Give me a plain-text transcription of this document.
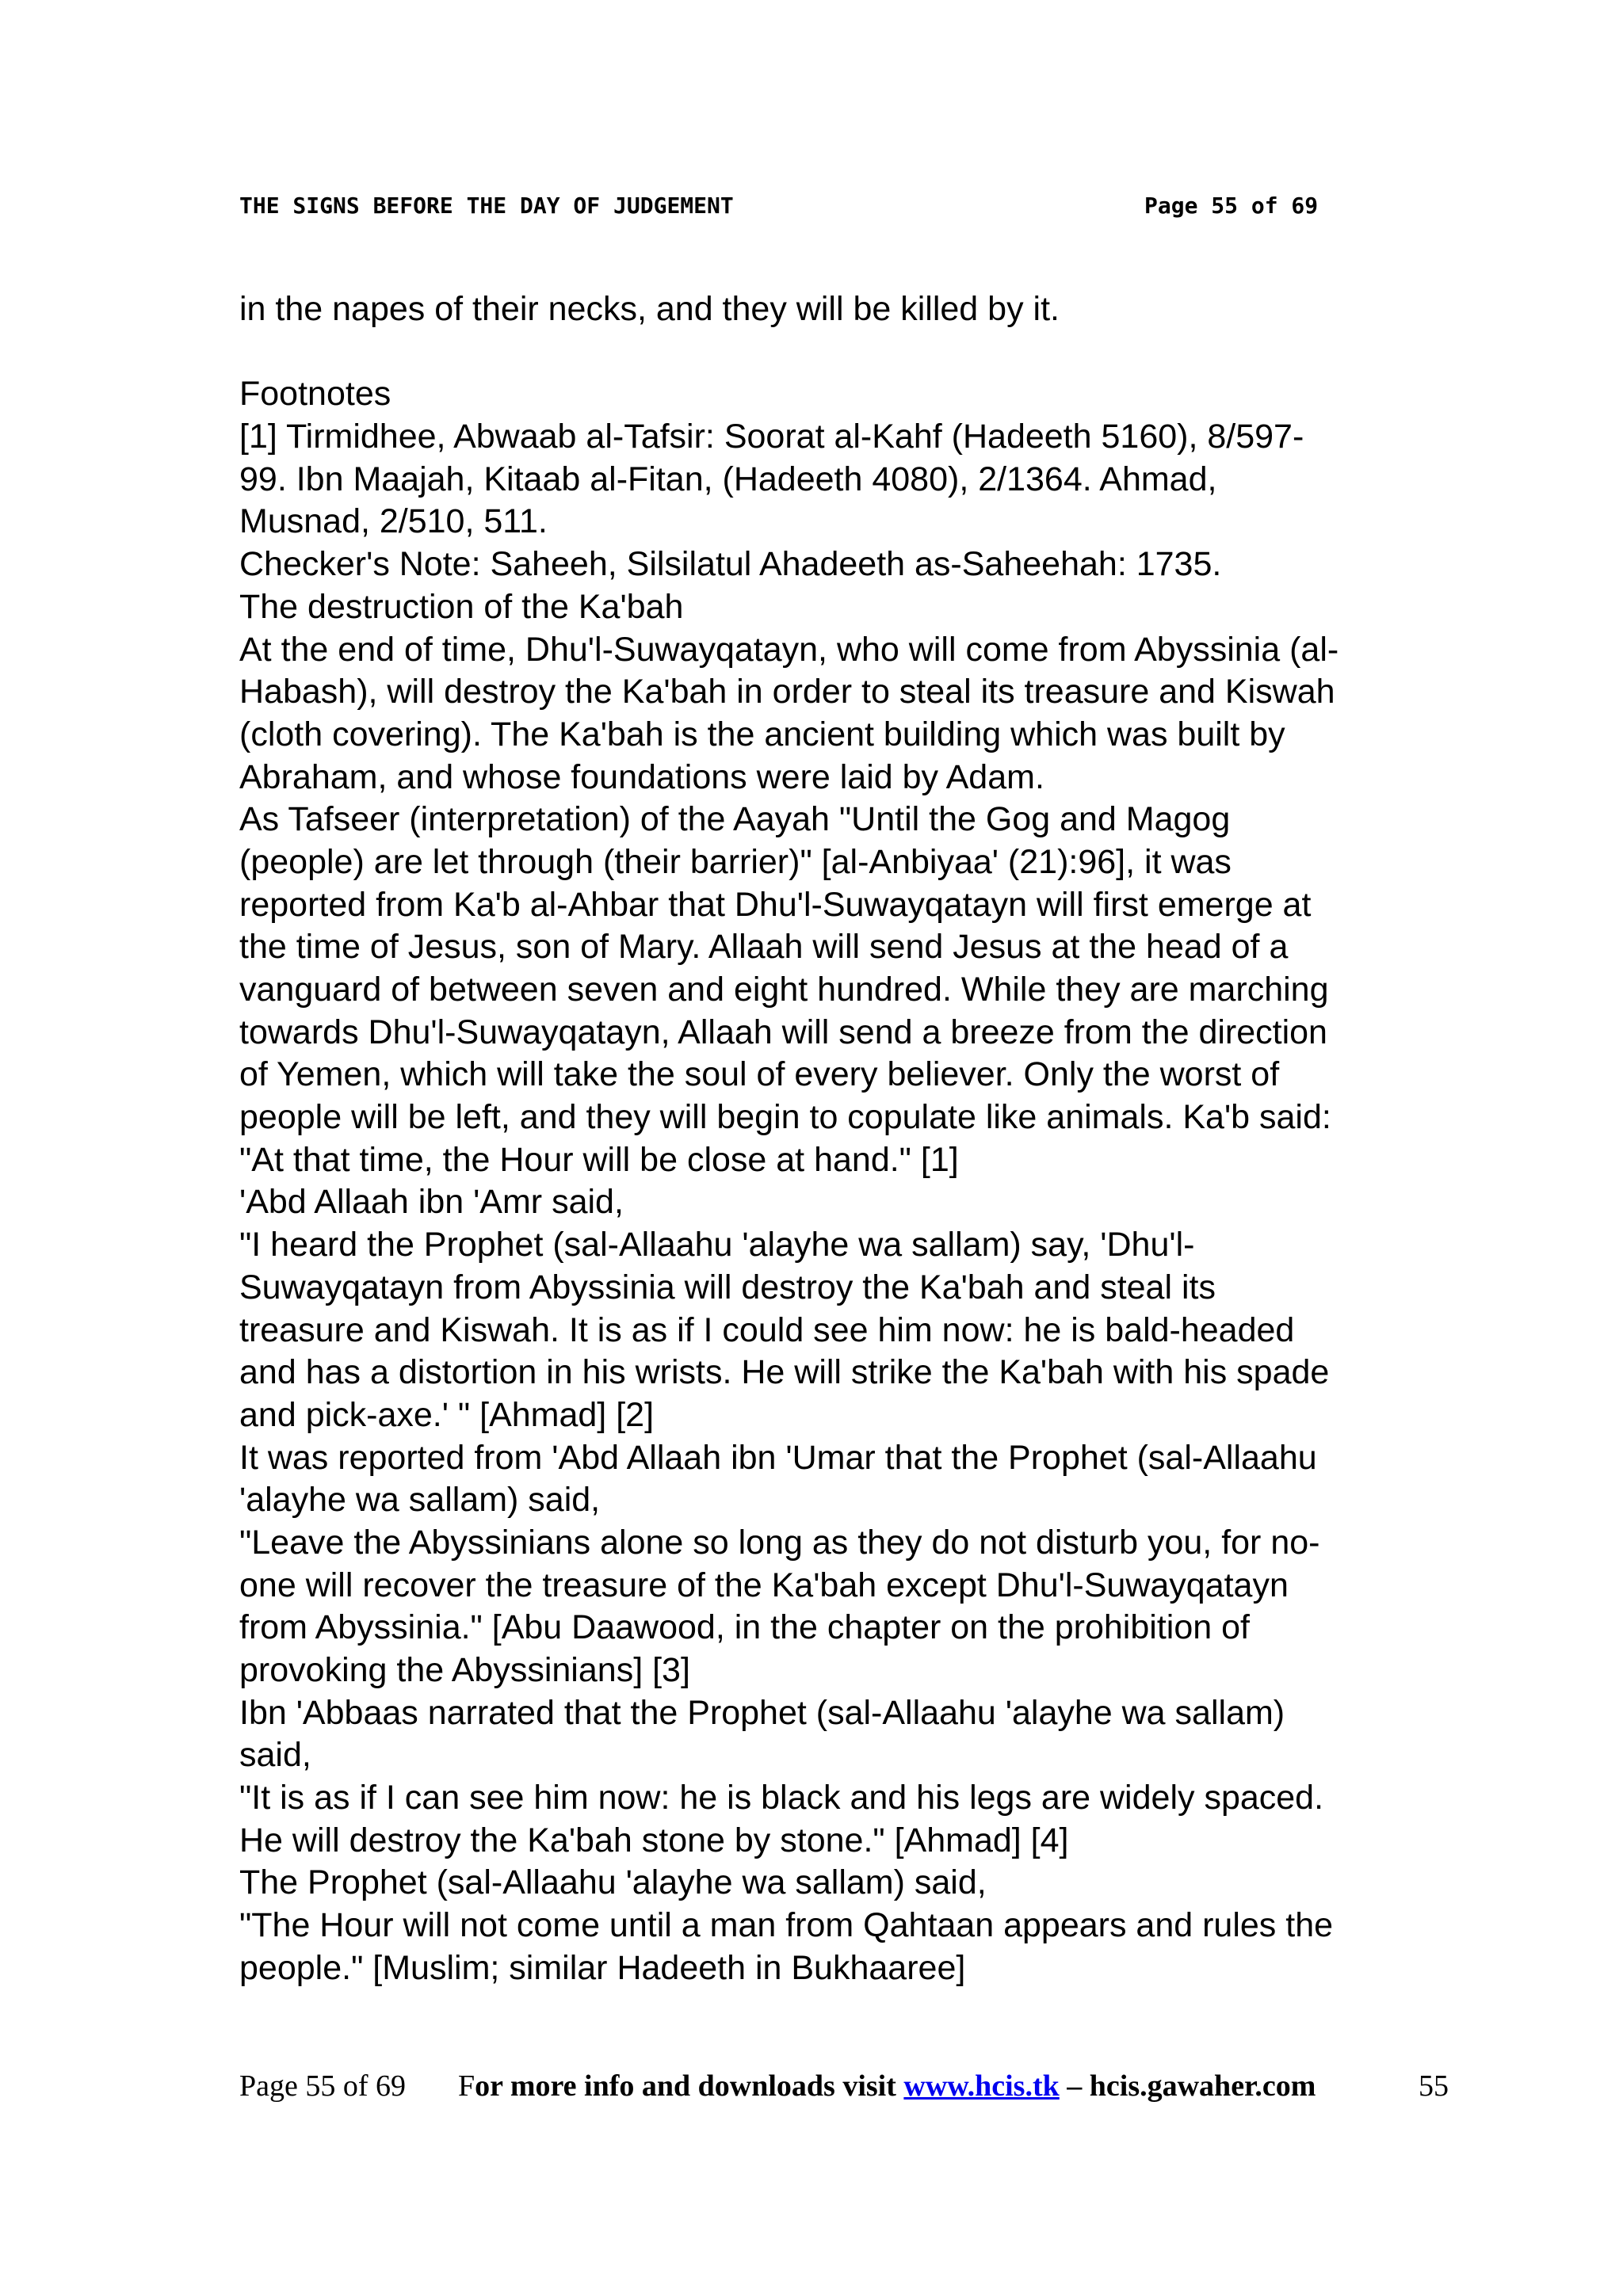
THE SIGNS BEFORE THE DAY OF JUDGEMENT	Page 55 of 69
in the napes of their necks, and they will be killed by it.
Footnotes
[1] Tirmidhee, Abwaab al-Tafsir: Soorat al-Kahf (Hadeeth 5160), 8/597-
99. Ibn Maajah, Kitaab al-Fitan, (Hadeeth 4080), 2/1364. Ahmad,
Musnad, 2/510, 511.
Checker's Note: Saheeh, Silsilatul Ahadeeth as-Saheehah: 1735.
The destruction of the Ka'bah
At the end of time, Dhu'l-Suwayqatayn, who will come from Abyssinia (al-
Habash), will destroy the Ka'bah in order to steal its treasure and Kiswah
(cloth covering). The Ka'bah is the ancient building which was built by
Abraham, and whose foundations were laid by Adam.
As Tafseer (interpretation) of the Aayah "Until the Gog and Magog
(people) are let through (their barrier)" [al-Anbiyaa' (21):96], it was
reported from Ka'b al-Ahbar that Dhu'l-Suwayqatayn will first emerge at
the time of Jesus, son of Mary. Allaah will send Jesus at the head of a
vanguard of between seven and eight hundred. While they are marching
towards Dhu'l-Suwayqatayn, Allaah will send a breeze from the direction
of Yemen, which will take the soul of every believer. Only the worst of
people will be left, and they will begin to copulate like animals. Ka'b said:
"At that time, the Hour will be close at hand." [1]
'Abd Allaah ibn 'Amr said,
"I heard the Prophet (sal-Allaahu 'alayhe wa sallam) say, 'Dhu'l-
Suwayqatayn from Abyssinia will destroy the Ka'bah and steal its
treasure and Kiswah. It is as if I could see him now: he is bald-headed
and has a distortion in his wrists. He will strike the Ka'bah with his spade
and pick-axe.' " [Ahmad] [2]
It was reported from 'Abd Allaah ibn 'Umar that the Prophet (sal-Allaahu
'alayhe wa sallam) said,
"Leave the Abyssinians alone so long as they do not disturb you, for no-
one will recover the treasure of the Ka'bah except Dhu'l-Suwayqatayn
from Abyssinia." [Abu Daawood, in the chapter on the prohibition of
provoking the Abyssinians] [3]
Ibn 'Abbaas narrated that the Prophet (sal-Allaahu 'alayhe wa sallam)
said,
"It is as if I can see him now: he is black and his legs are widely spaced.
He will destroy the Ka'bah stone by stone." [Ahmad] [4]
The Prophet (sal-Allaahu 'alayhe wa sallam) said,
"The Hour will not come until a man from Qahtaan appears and rules the
people." [Muslim; similar Hadeeth in Bukhaaree]
Page 55 of 69 For more info and downloads visit www.hcis.tk – hcis.gawaher.com	55
